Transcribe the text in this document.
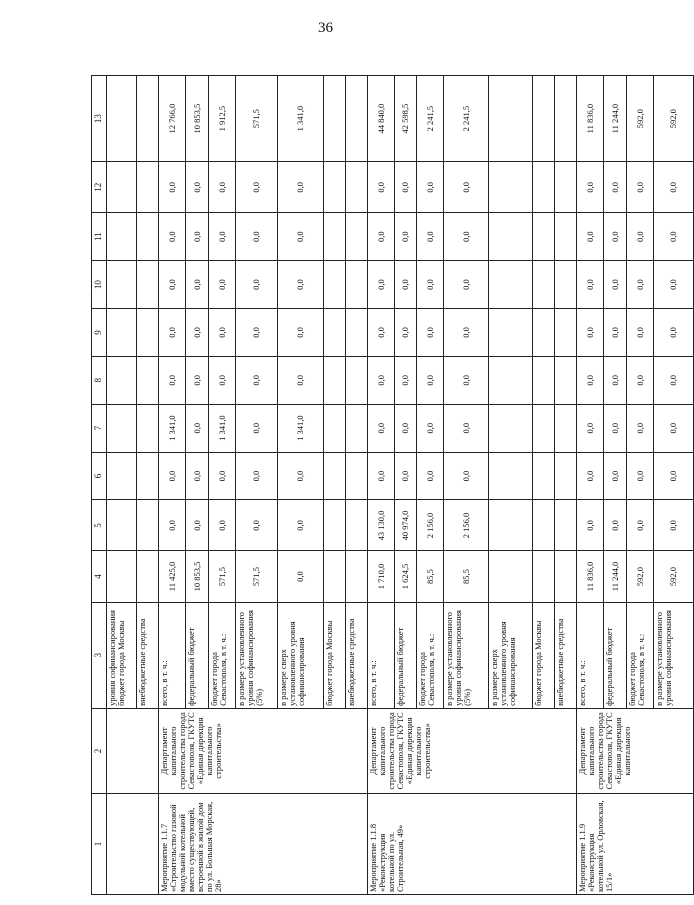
36
1	2	3	4	5	6	7	8	9	10	11	12	13
		уровня софинансирования бюджет города Москвы										
		внебюджетные средства										
Мероприятие 1.1.7 «Строительство газовой модульной котельной вместо существующей, встроенной в жилой дом по ул. Большая Морская, 28»	Департамент капитального строительства города Севастополя, ГКУТС «Единая дирекция капитального строительства»	всего, в т. ч.:	11 425,0	0,0	0,0	1 341,0	0,0	0,0	0,0	0,0	0,0	12 766,0
		федеральный бюджет	10 853,5	0,0	0,0	0,0	0,0	0,0	0,0	0,0	0,0	10 853,5
		бюджет города Севастополя, в т. ч.:	571,5	0,0	0,0	1 341,0	0,0	0,0	0,0	0,0	0,0	1 912,5
		в размере установленного уровня софинансирования (5%)	571,5	0,0	0,0	0,0	0,0	0,0	0,0	0,0	0,0	571,5
		в размере сверх установленного уровня софинансирования	0,0	0,0	0,0	1 341,0	0,0	0,0	0,0	0,0	0,0	1 341,0
		бюджет города Москвы										
		внебюджетные средства										
Мероприятие 1.1.8 «Реконструкция котельной по ул. Строительная, 49»	Департамент капитального строительства города Севастополя, ГКУТС «Единая дирекция капитального строительства»	всего, в т. ч.:	1 710,0	43 130,0	0,0	0,0	0,0	0,0	0,0	0,0	0,0	44 840,0
		федеральный бюджет	1 624,5	40 974,0	0,0	0,0	0,0	0,0	0,0	0,0	0,0	42 598,5
		бюджет города Севастополя, в т. ч.:	85,5	2 156,0	0,0	0,0	0,0	0,0	0,0	0,0	0,0	2 241,5
		в размере установленного уровня софинансирования (5%)	85,5	2 156,0	0,0	0,0	0,0	0,0	0,0	0,0	0,0	2 241,5
		в размере сверх установленного уровня софинансирования										
		бюджет города Москвы										
		внебюджетные средства										
Мероприятие 1.1.9 «Реконструкция котельной ул. Орловская, 15/1»	Департамент капитального строительства города Севастополя, ГКУТС «Единая дирекция капитального	всего, в т. ч.:	11 836,0	0,0	0,0	0,0	0,0	0,0	0,0	0,0	0,0	11 836,0
		федеральный бюджет	11 244,0	0,0	0,0	0,0	0,0	0,0	0,0	0,0	0,0	11 244,0
		бюджет города Севастополя, в т. ч.:	592,0	0,0	0,0	0,0	0,0	0,0	0,0	0,0	0,0	592,0
		в размере установленного уровня софинансирования	592,0	0,0	0,0	0,0	0,0	0,0	0,0	0,0	0,0	592,0
